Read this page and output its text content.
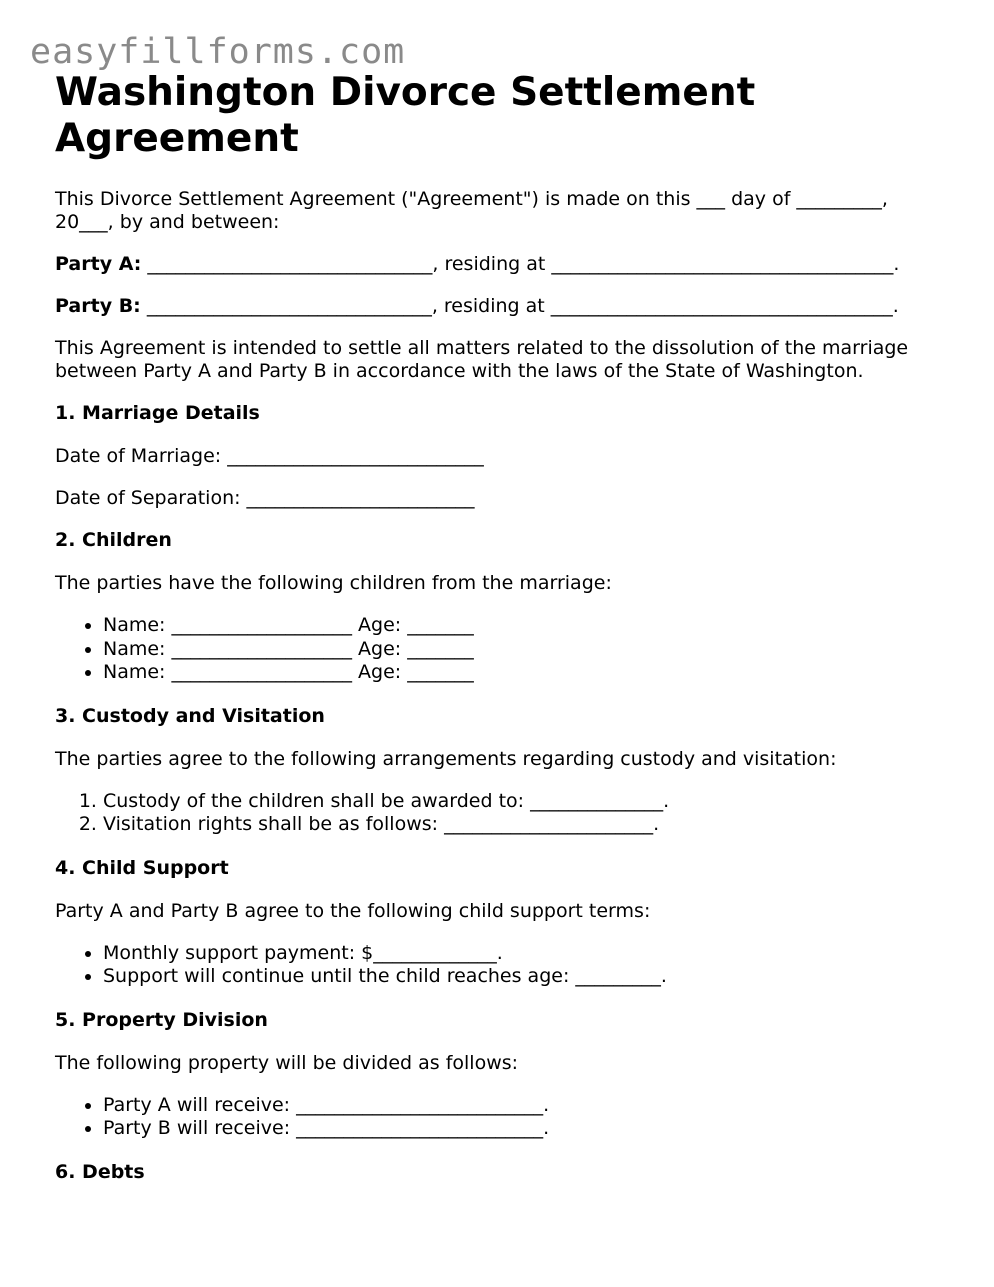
easyfillforms.com
Washington Divorce Settlement Agreement

This Divorce Settlement Agreement ("Agreement") is made on this ___ day of _________, 20___, by and between:

Party A: ______________________________, residing at ____________________________________.

Party B: ______________________________, residing at ____________________________________.

This Agreement is intended to settle all matters related to the dissolution of the marriage between Party A and Party B in accordance with the laws of the State of Washington.

1. Marriage Details

Date of Marriage: ___________________________

Date of Separation: ________________________

2. Children

The parties have the following children from the marriage:

• Name: ___________________ Age: _______
• Name: ___________________ Age: _______
• Name: ___________________ Age: _______
3. Custody and Visitation

The parties agree to the following arrangements regarding custody and visitation:

1. Custody of the children shall be awarded to: ______________.
2. Visitation rights shall be as follows: ______________________.
4. Child Support

Party A and Party B agree to the following child support terms:

• Monthly support payment: $_____________.
• Support will continue until the child reaches age: _________.
5. Property Division

The following property will be divided as follows:

• Party A will receive: __________________________.
• Party B will receive: __________________________.
6. Debts
